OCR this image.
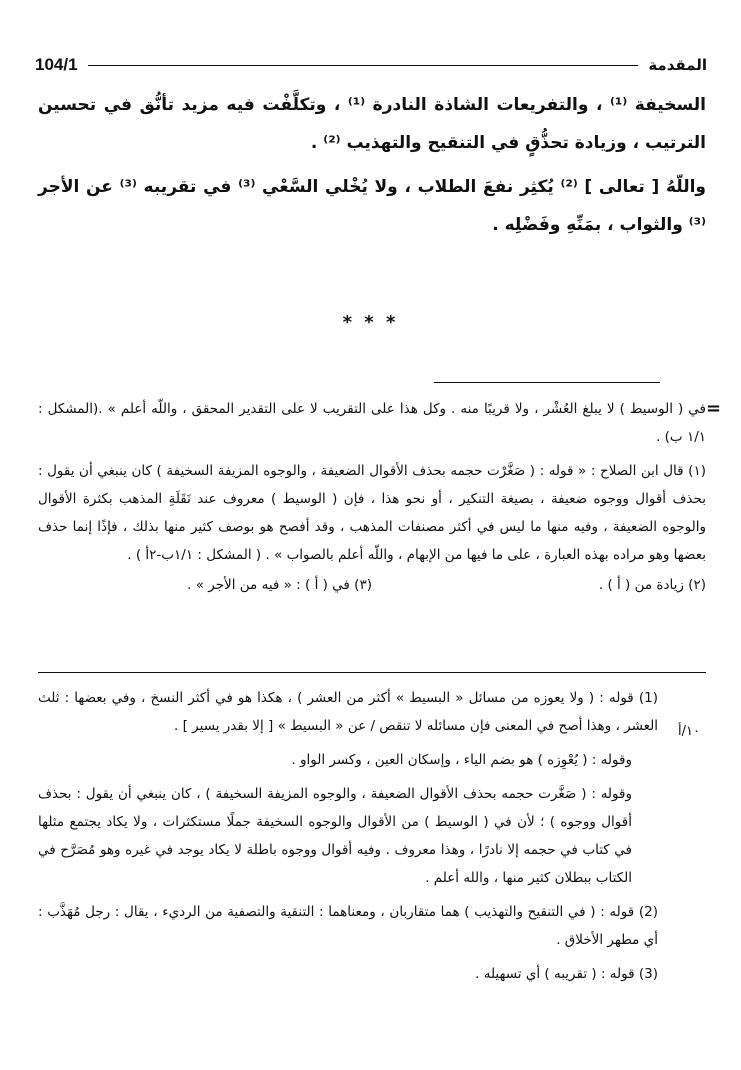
104/1	المقدمة

السخيفة ⁽¹⁾ ، والتفريعات الشاذة النادرة ⁽¹⁾ ، وتكلَّفْت فيه مزيد تأنُّق في تحسين الترتيب ، وزيادة تحذُّقٍ في التنقيح والتهذيب ⁽²⁾ .

واللّهُ [ تعالى ] ⁽²⁾ يُكثِر نفعَ الطلاب ، ولا يُخْلي السَّعْي ⁽³⁾ في تقريبه ⁽³⁾ عن الأجر ⁽³⁾ والثواب ، بمَنِّهِ وفَضْلِه .

* * *
=

في ( الوسيط ) لا يبلغ العُشْر ، ولا قريبًا منه . وكل هذا على التقريب لا على التقدير المحقق ، واللّه أعلم » .(المشكل : ١/١ ب) .

(١) قال ابن الصلاح : « قوله : ( صَغَّرْت حجمه بحذف الأقوال الضعيفة ، والوجوه المزيفة السخيفة ) كان ينبغي أن يقول : بحذف أقوال ووجوه ضعيفة ، بصيغة التنكير ، أو نحو هذا ، فإن ( الوسيط ) معروف عند نَقَلَةِ المذهب بكثرة الأقوال والوجوه الضعيفة ، وفيه منها ما ليس في أكثر مصنفات المذهب ، وقد أفصح هو بوصف كثير منها بذلك ، فإذًا إنما حذف بعضها وهو مراده بهذه العبارة ، على ما فيها من الإبهام ، واللّه أعلم بالصواب » . ( المشكل : ١/١ب-٢أ ) .

(٢) زيادة من ( أ ) .
(٣) في ( أ ) : « فيه من الأجر » .
١٠/أ

(1) قوله : ( ولا يعوزه من مسائل « البسيط » أكثر من العشر ) ، هكذا هو في أكثر النسخ ، وفي بعضها : ثلث العشر ، وهذا أصح في المعنى فإن مسائله لا تنقص / عن « البسيط » [ إلا بقدر يسير ] .

وقوله : ( يُعْوِزه ) هو بضم الياء ، وإسكان العين ، وكسر الواو .

وقوله : ( صَغَّرت حجمه بحذف الأقوال الضعيفة ، والوجوه المزيفة السخيفة ) ، كان ينبغي أن يقول : بحذف أقوال ووجوه ) ؛ لأن في ( الوسيط ) من الأقوال والوجوه السخيفة جملًا مستكثرات ، ولا يكاد يجتمع مثلها في كتاب في حجمه إلا نادرًا ، وهذا معروف . وفيه أقوال ووجوه باطلة لا يكاد يوجد في غيره وهو مُصَرَّح في الكتاب ببطلان كثير منها ، والله أعلم .

(2) قوله : ( في التنقيح والتهذيب ) هما متقاربان ، ومعناهما : التنقية والتصفية من الرديء ، يقال : رجل مُهَذَّب : أي مطهر الأخلاق .

(3) قوله : ( تقريبه ) أي تسهيله .
